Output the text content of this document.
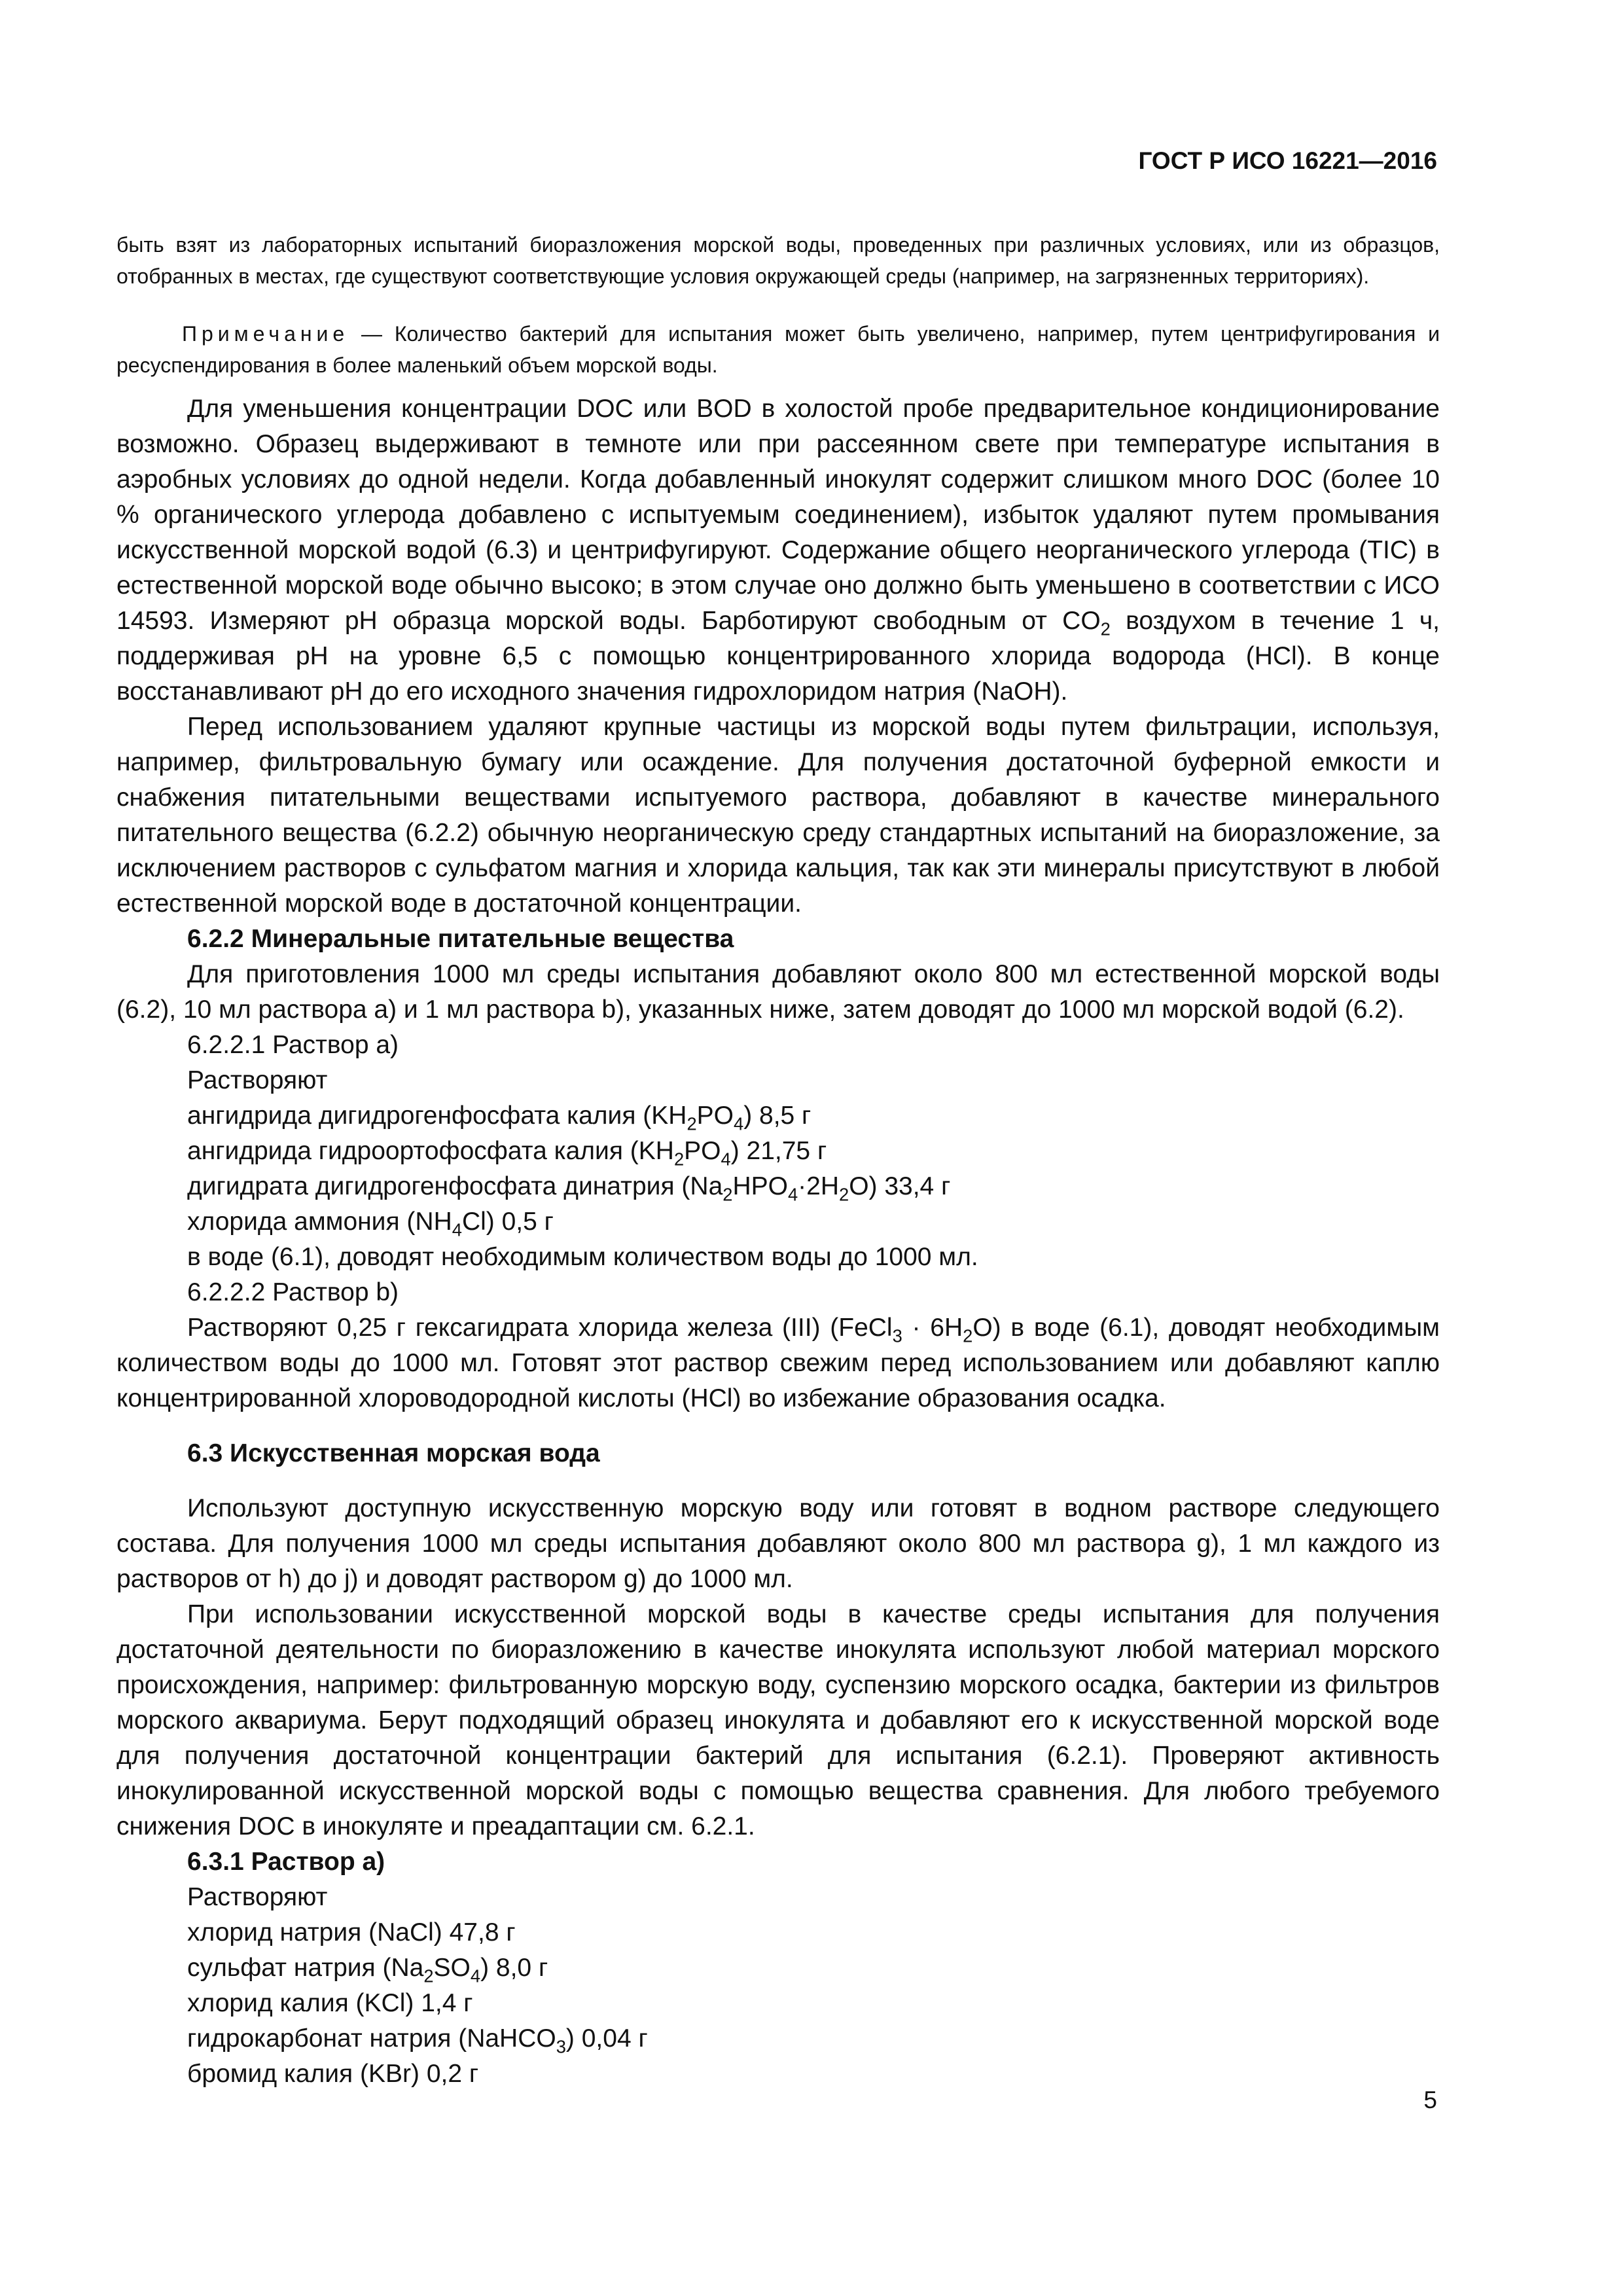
ГОСТ Р ИСО 16221—2016

быть взят из лабораторных испытаний биоразложения морской воды, проведенных при различных условиях, или из образцов, отобранных в местах, где существуют соответствующие условия окружающей среды (например, на загрязненных территориях).

Примечание — Количество бактерий для испытания может быть увеличено, например, путем центрифугирования и ресуспендирования в более маленький объем морской воды.

Для уменьшения концентрации DOC или BOD в холостой пробе предварительное кондиционирование возможно. Образец выдерживают в темноте или при рассеянном свете при температуре испытания в аэробных условиях до одной недели. Когда добавленный инокулят содержит слишком много DOC (более 10 % органического углерода добавлено с испытуемым соединением), избыток удаляют путем промывания искусственной морской водой (6.3) и центрифугируют. Содержание общего неорганического углерода (TIC) в естественной морской воде обычно высоко; в этом случае оно должно быть уменьшено в соответствии с ИСО 14593. Измеряют pH образца морской воды. Барботируют свободным от $CO_2$ воздухом в течение 1 ч, поддерживая pH на уровне 6,5 с помощью концентрированного хлорида водорода (HCl). В конце восстанавливают pH до его исходного значения гидрохлоридом натрия (NaOH).

Перед использованием удаляют крупные частицы из морской воды путем фильтрации, используя, например, фильтровальную бумагу или осаждение. Для получения достаточной буферной емкости и снабжения питательными веществами испытуемого раствора, добавляют в качестве минерального питательного вещества (6.2.2) обычную неорганическую среду стандартных испытаний на биоразложение, за исключением растворов с сульфатом магния и хлорида кальция, так как эти минералы присутствуют в любой естественной морской воде в достаточной концентрации.

6.2.2 Минеральные питательные вещества

Для приготовления 1000 мл среды испытания добавляют около 800 мл естественной морской воды (6.2), 10 мл раствора а) и 1 мл раствора b), указанных ниже, затем доводят до 1000 мл морской водой (6.2).

6.2.2.1 Раствор а)
Растворяют
ангидрида дигидрогенфосфата калия $(KH_2PO_4)$ 8,5 г
ангидрида гидроортофосфата калия $(KH_2PO_4)$ 21,75 г
дигидрата дигидрогенфосфата динатрия $(Na_2HPO_4\cdot 2H_2O)$ 33,4 г
хлорида аммония $(NH_4Cl)$ 0,5 г
в воде (6.1), доводят необходимым количеством воды до 1000 мл.
6.2.2.2 Раствор b)

Растворяют 0,25 г гексагидрата хлорида железа (III) (FeCl$_3$ · $6H_2O$) в воде (6.1), доводят необходимым количеством воды до 1000 мл. Готовят этот раствор свежим перед использованием или добавляют каплю концентрированной хлороводородной кислоты (HCl) во избежание образования осадка.

6.3 Искусственная морская вода

Используют доступную искусственную морскую воду или готовят в водном растворе следующего состава. Для получения 1000 мл среды испытания добавляют около 800 мл раствора g), 1 мл каждого из растворов от h) до j) и доводят раствором g) до 1000 мл.

При использовании искусственной морской воды в качестве среды испытания для получения достаточной деятельности по биоразложению в качестве инокулята используют любой материал морского происхождения, например: фильтрованную морскую воду, суспензию морского осадка, бактерии из фильтров морского аквариума. Берут подходящий образец инокулята и добавляют его к искусственной морской воде для получения достаточной концентрации бактерий для испытания (6.2.1). Проверяют активность инокулированной искусственной морской воды с помощью вещества сравнения. Для любого требуемого снижения DOC в инокуляте и преадаптации см. 6.2.1.

6.3.1 Раствор а)
Растворяют
хлорид натрия (NaCl) 47,8 г
сульфат натрия $(Na_2SO_4)$ 8,0 г
хлорид калия (KCl) 1,4 г
гидрокарбонат натрия (NaHCO$_3$) 0,04 г
бромид калия (KBr) 0,2 г
5
